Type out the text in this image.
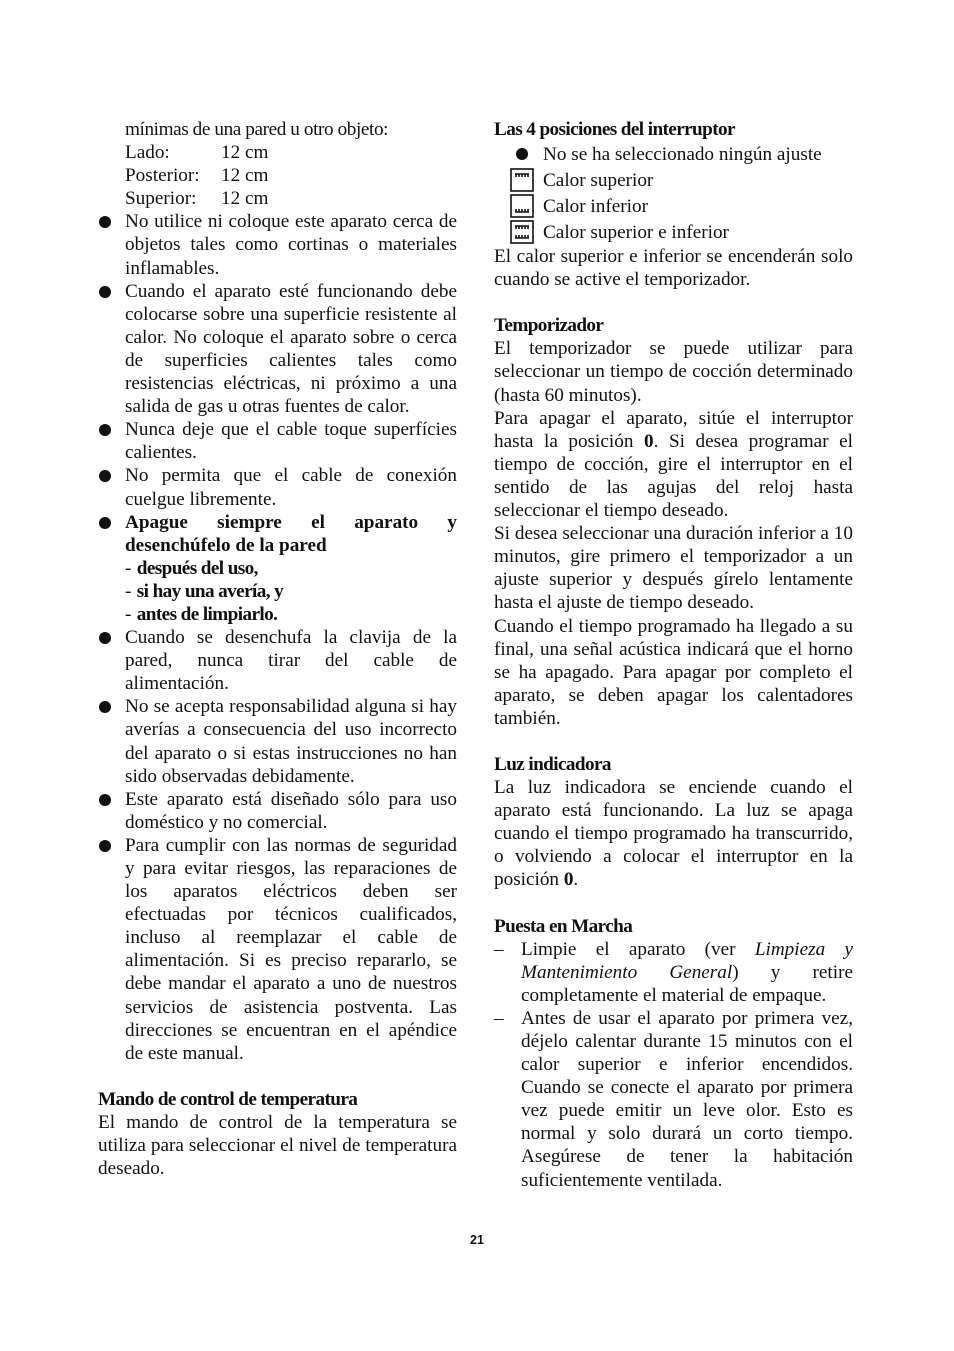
mínimas de una pared u otro objeto:
Lado:	12 cm
Posterior:	12 cm
Superior:	12 cm
No utilice ni coloque este aparato cerca de objetos tales como cortinas o materiales inflamables.
Cuando el aparato esté funcionando debe colocarse sobre una superficie resistente al calor. No coloque el aparato sobre o cerca de superficies calientes tales como resistencias eléctricas, ni próximo a una salida de gas u otras fuentes de calor.
Nunca deje que el cable toque superfícies calientes.
No permita que el cable de conexión cuelgue libremente.
Apague siempre el aparato y desenchúfelo de la pared
- después del uso,
- si hay una avería, y
- antes de limpiarlo.
Cuando se desenchufa la clavija de la pared, nunca tirar del cable de alimentación.
No se acepta responsabilidad alguna si hay averías a consecuencia del uso incorrecto del aparato o si estas instrucciones no han sido observadas debidamente.
Este aparato está diseñado sólo para uso doméstico y no comercial.
Para cumplir con las normas de seguridad y para evitar riesgos, las reparaciones de los aparatos eléctricos deben ser efectuadas por técnicos cualificados, incluso al reemplazar el cable de alimentación. Si es preciso repararlo, se debe mandar el aparato a uno de nuestros servicios de asistencia postventa. Las direcciones se encuentran en el apéndice de este manual.
Mando de control de temperatura
El mando de control de la temperatura se utiliza para seleccionar el nivel de temperatura deseado.
Las 4 posiciones del interruptor
No se ha seleccionado ningún ajuste
Calor superior
Calor inferior
Calor superior e inferior
El calor superior e inferior se encenderán solo cuando se active el temporizador.
Temporizador
El temporizador se puede utilizar para seleccionar un tiempo de cocción determinado (hasta 60 minutos).
Para apagar el aparato, sitúe el interruptor hasta la posición 0. Si desea programar el tiempo de cocción, gire el interruptor en el sentido de las agujas del reloj hasta seleccionar el tiempo deseado.
Si desea seleccionar una duración inferior a 10 minutos, gire primero el temporizador a un ajuste superior y después gírelo lentamente hasta el ajuste de tiempo deseado.
Cuando el tiempo programado ha llegado a su final, una señal acústica indicará que el horno se ha apagado. Para apagar por completo el aparato, se deben apagar los calentadores también.
Luz indicadora
La luz indicadora se enciende cuando el aparato está funcionando. La luz se apaga cuando el tiempo programado ha transcurrido, o volviendo a colocar el interruptor en la posición 0.
Puesta en Marcha
– Limpie el aparato (ver Limpieza y Mantenimiento General) y retire completamente el material de empaque.
– Antes de usar el aparato por primera vez, déjelo calentar durante 15 minutos con el calor superior e inferior encendidos. Cuando se conecte el aparato por primera vez puede emitir un leve olor. Esto es normal y solo durará un corto tiempo. Asegúrese de tener la habitación suficientemente ventilada.
21
